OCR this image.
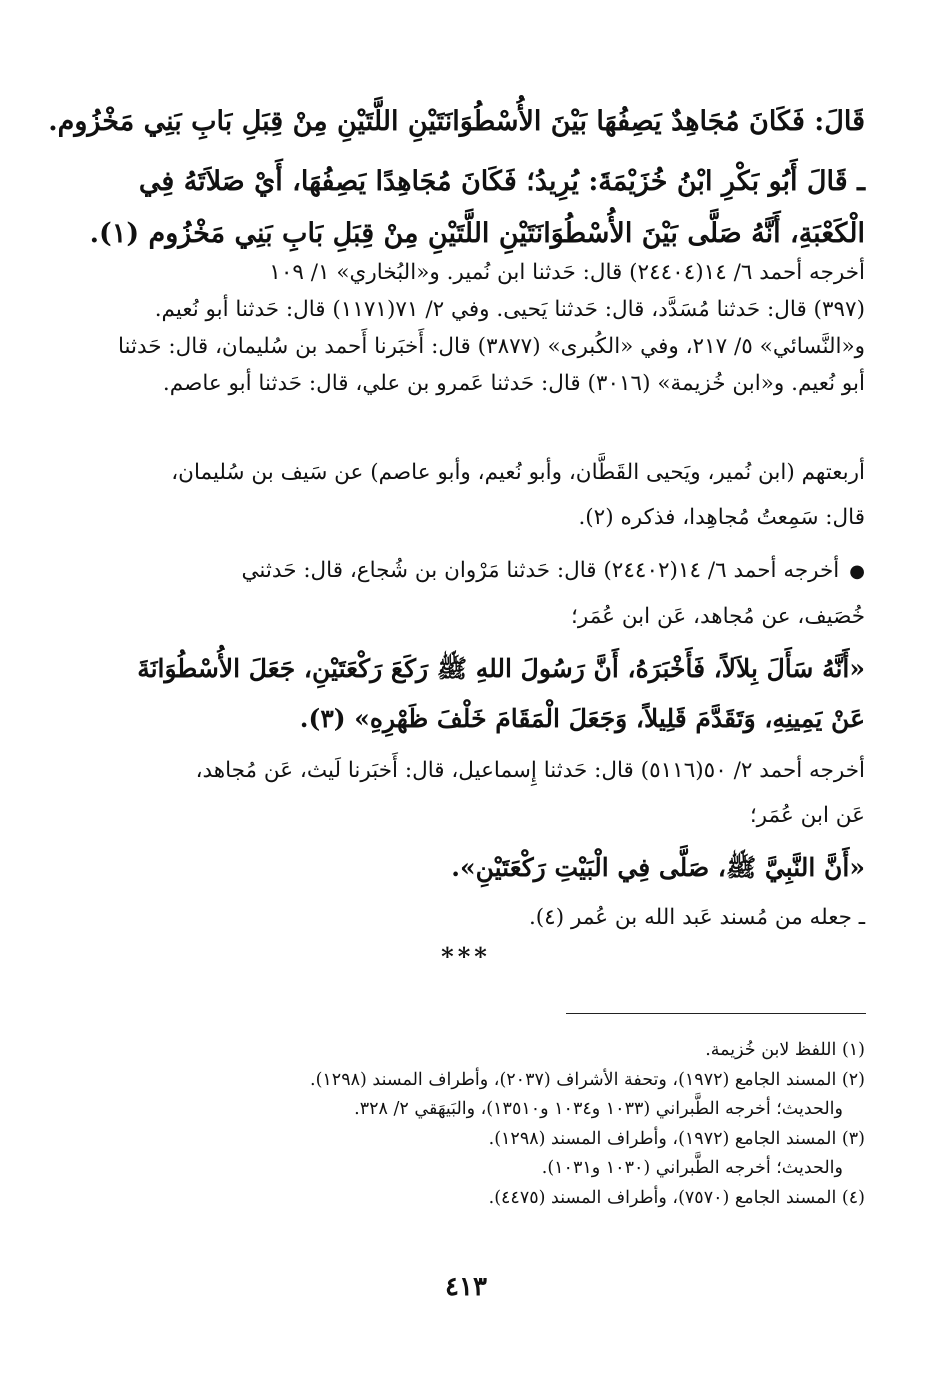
قَالَ: فَكَانَ مُجَاهِدٌ يَصِفُهَا بَيْنَ الأُسْطُوَانَتَيْنِ اللَّتَيْنِ مِنْ قِبَلِ بَابِ بَنِي مَخْزُوم.
ـ قَالَ أَبُو بَكْرِ ابْنُ خُزَيْمَةَ: يُرِيدُ؛ فَكَانَ مُجَاهِدًا يَصِفُهَا، أَيْ صَلاَتَهُ فِي
الْكَعْبَةِ، أَنَّهُ صَلَّى بَيْنَ الأُسْطُوَانَتَيْنِ اللَّتَيْنِ مِنْ قِبَلِ بَابِ بَنِي مَخْزُوم (١).
أخرجه أحمد ٦/ ١٤(٢٤٤٠٤) قال: حَدثنا ابن نُمير. و«البُخاري» ١/ ١٠٩
(٣٩٧) قال: حَدثنا مُسَدَّد، قال: حَدثنا يَحيى. وفي ٢/ ٧١(١١٧١) قال: حَدثنا أبو نُعيم.
و«النَّسائي» ٥/ ٢١٧، وفي «الكُبرى» (٣٨٧٧) قال: أَخبَرنا أَحمد بن سُليمان، قال: حَدثنا
أبو نُعيم. و«ابن خُزيمة» (٣٠١٦) قال: حَدثنا عَمرو بن علي، قال: حَدثنا أبو عاصم.
أربعتهم (ابن نُمير، ويَحيى القَطَّان، وأبو نُعيم، وأبو عاصم) عن سَيف بن سُليمان،
قال: سَمِعتُ مُجاهِدا، فذكره (٢).
●أخرجه أحمد ٦/ ١٤(٢٤٤٠٢) قال: حَدثنا مَرْوان بن شُجاع، قال: حَدثني
خُصَيف، عن مُجاهد، عَن ابن عُمَر؛
«أَنَّهُ سَأَلَ بِلاَلاً، فَأَخْبَرَهُ، أَنَّ رَسُولَ اللهِ ﷺ رَكَعَ رَكْعَتَيْنِ، جَعَلَ الأُسْطُوَانَةَ
عَنْ يَمِينِهِ، وَتَقَدَّمَ قَلِيلاً، وَجَعَلَ الْمَقَامَ خَلْفَ ظَهْرِهِ» (٣).
أخرجه أحمد ٢/ ٥٠(٥١١٦) قال: حَدثنا إِسماعيل، قال: أَخبَرنا لَيث، عَن مُجاهد،
عَن ابن عُمَر؛
«أَنَّ النَّبِيَّ ﷺ، صَلَّى فِي الْبَيْتِ رَكْعَتَيْنِ».
ـ جعله من مُسند عَبد الله بن عُمر (٤).
***
(١) اللفظ لابن خُزيمة.
(٢) المسند الجامع (١٩٧٢)، وتحفة الأشراف (٢٠٣٧)، وأطراف المسند (١٢٩٨).
والحديث؛ أخرجه الطَّبراني (١٠٣٣ و١٠٣٤ و١٣٥١٠)، والبَيهَقي ٢/ ٣٢٨.
(٣) المسند الجامع (١٩٧٢)، وأطراف المسند (١٢٩٨).
والحديث؛ أخرجه الطَّبراني (١٠٣٠ و١٠٣١).
(٤) المسند الجامع (٧٥٧٠)، وأطراف المسند (٤٤٧٥).
٤١٣
